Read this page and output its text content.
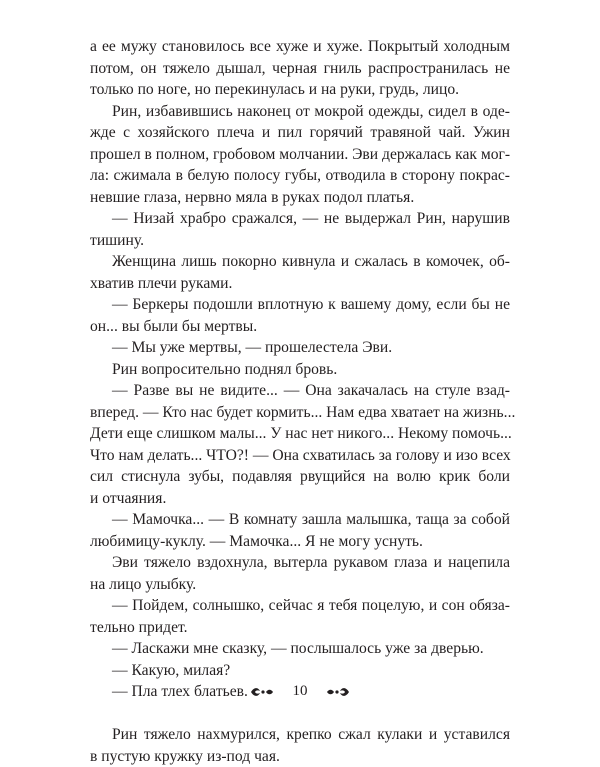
а ее мужу становилось все хуже и хуже. Покрытый холодным
потом, он тяжело дышал, черная гниль распространилась не
только по ноге, но перекинулась и на руки, грудь, лицо.
Рин, избавившись наконец от мокрой одежды, сидел в оде-
жде с хозяйского плеча и пил горячий травяной чай. Ужин
прошел в полном, гробовом молчании. Эви держалась как мог-
ла: сжимала в белую полосу губы, отводила в сторону покрас-
невшие глаза, нервно мяла в руках подол платья.
— Низай храбро сражался, — не выдержал Рин, нарушив
тишину.
Женщина лишь покорно кивнула и сжалась в комочек, об-
хватив плечи руками.
— Беркеры подошли вплотную к вашему дому, если бы не
он... вы были бы мертвы.
— Мы уже мертвы, — прошелестела Эви.
Рин вопросительно поднял бровь.
— Разве вы не видите... — Она закачалась на стуле взад-
вперед. — Кто нас будет кормить... Нам едва хватает на жизнь...
Дети еще слишком малы... У нас нет никого... Некому помочь...
Что нам делать... ЧТО?! — Она схватилась за голову и изо всех
сил стиснула зубы, подавляя рвущийся на волю крик боли
и отчаяния.
— Мамочка... — В комнату зашла малышка, таща за собой
любимицу-куклу. — Мамочка... Я не могу уснуть.
Эви тяжело вздохнула, вытерла рукавом глаза и нацепила
на лицо улыбку.
— Пойдем, солнышко, сейчас я тебя поцелую, и сон обяза-
тельно придет.
— Ласкажи мне сказку, — послышалось уже за дверью.
— Какую, милая?
— Пла тлех блатьев.
Рин тяжело нахмурился, крепко сжал кулаки и уставился
в пустую кружку из-под чая.
10
